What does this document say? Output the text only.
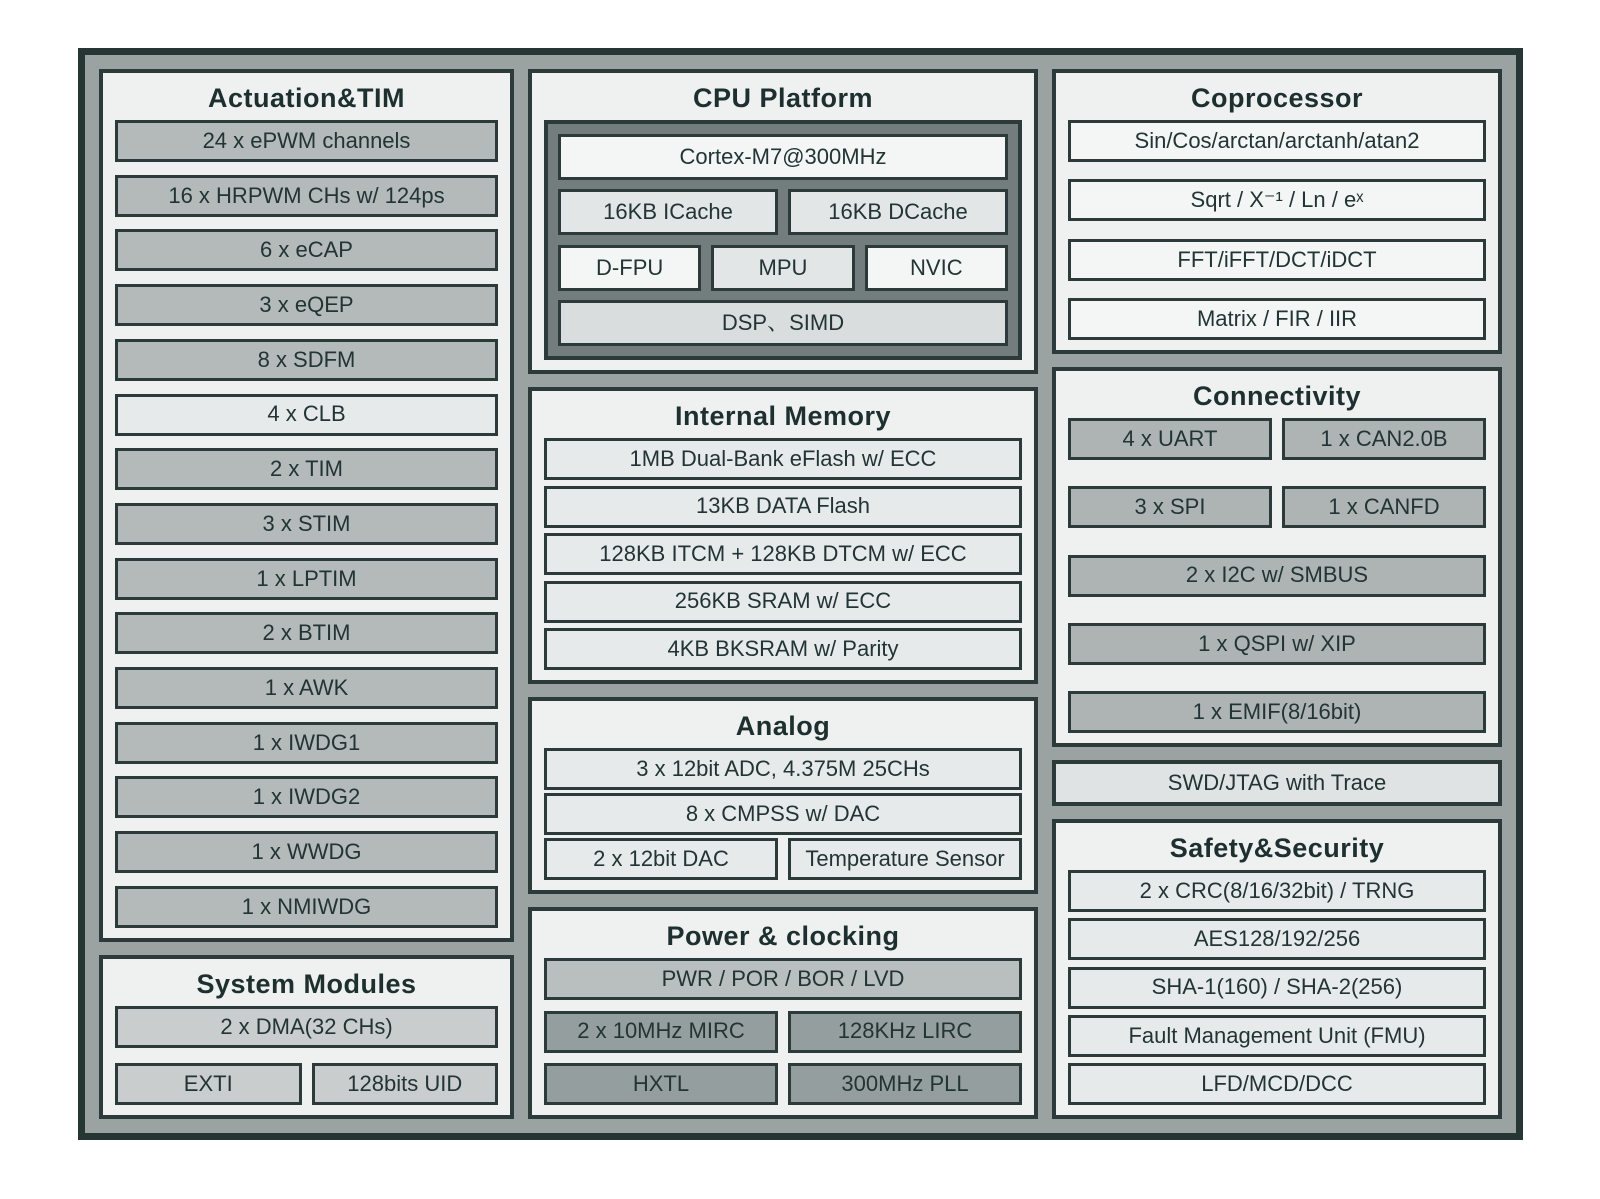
Actuation&TIM
24 x ePWM channels
16 x HRPWM CHs w/ 124ps
6 x eCAP
3 x eQEP
8 x SDFM
4 x CLB
2 x TIM
3 x STIM
1 x LPTIM
2 x BTIM
1 x AWK
1 x IWDG1
1 x IWDG2
1 x WWDG
1 x NMIWDG
System Modules
2 x DMA(32 CHs)
EXTI	128bits UID
CPU Platform
Cortex-M7@300MHz
16KB ICache	16KB DCache
D-FPU	MPU	NVIC
DSP、SIMD
Internal Memory
1MB Dual-Bank eFlash w/ ECC
13KB DATA Flash
128KB ITCM + 128KB DTCM w/ ECC
256KB SRAM w/ ECC
4KB BKSRAM w/ Parity
Analog
3 x 12bit ADC, 4.375M 25CHs
8 x CMPSS w/ DAC
2 x 12bit DAC	Temperature Sensor
Power & clocking
PWR / POR / BOR / LVD
2 x 10MHz MIRC	128KHz LIRC
HXTL	300MHz PLL
Coprocessor
Sin/Cos/arctan/arctanh/atan2
Sqrt / X⁻¹ / Ln / eˣ
FFT/iFFT/DCT/iDCT
Matrix / FIR / IIR
Connectivity
4 x UART	1 x CAN2.0B
3 x SPI	1 x CANFD
2 x I2C w/ SMBUS
1 x QSPI w/ XIP
1 x EMIF(8/16bit)
SWD/JTAG with Trace
Safety&Security
2 x CRC(8/16/32bit) / TRNG
AES128/192/256
SHA-1(160) / SHA-2(256)
Fault Management Unit (FMU)
LFD/MCD/DCC
